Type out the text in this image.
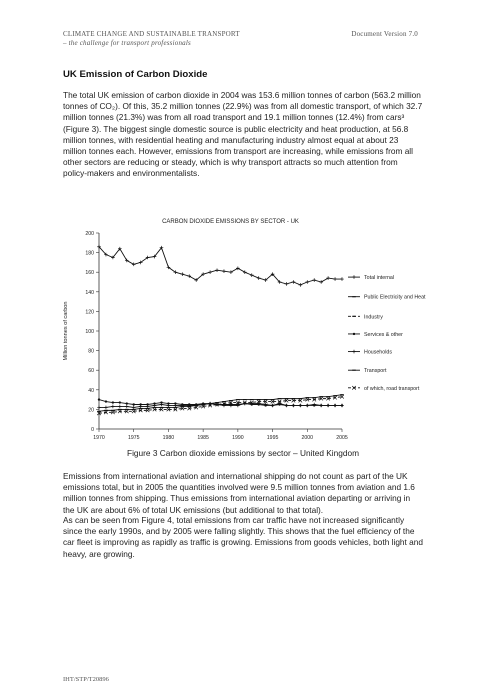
CLIMATE CHANGE AND SUSTAINABLE TRANSPORT	Document Version 7.0
– the challenge for transport professionals
UK Emission of Carbon Dioxide

The total UK emission of carbon dioxide in 2004 was 153.6 million tonnes of carbon (563.2 million tonnes of CO₂). Of this, 35.2 million tonnes (22.9%) was from all domestic transport, of which 32.7 million tonnes (21.3%) was from all road transport and 19.1 million tonnes (12.4%) from cars³ (Figure 3). The biggest single domestic source is public electricity and heat production, at 56.8 million tonnes, with residential heating and manufacturing industry almost equal at about 23 million tonnes each. However, emissions from transport are increasing, while emissions from all other sectors are reducing or steady, which is why transport attracts so much attention from policy-makers and environmentalists.

CARBON DIOXIDE EMISSIONS BY SECTOR - UK
0
20
40
60
80
100
120
140
160
180
200
1970	1975	1980	1985	1990	1995	2000	2005
Million tonnes of carbon
Total internal
Public Electricity and Heat
Industry
Services & other
Households
Transport
of which, road transport
Figure 3 Carbon dioxide emissions by sector – United Kingdom

Emissions from international aviation and international shipping do not count as part of the UK emissions total, but in 2005 the quantities involved were 9.5 million tonnes from aviation and 1.6 million tonnes from shipping. Thus emissions from international aviation departing or arriving in the UK are about 6% of total UK emissions (but additional to that total).

As can be seen from Figure 4, total emissions from car traffic have not increased significantly since the early 1990s, and by 2005 were falling slightly. This shows that the fuel efficiency of the car fleet is improving as rapidly as traffic is growing. Emissions from goods vehicles, both light and heavy, are growing.

IHT/STP/T20896
